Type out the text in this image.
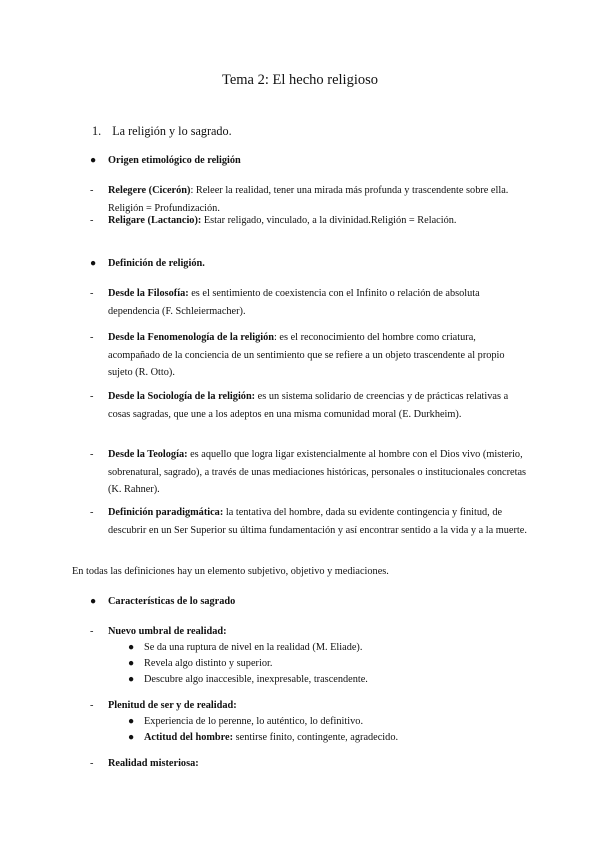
Tema 2: El hecho religioso
1. La religión y lo sagrado.
● Origen etimológico de religión
- Relegere (Cicerón): Releer la realidad, tener una mirada más profunda y trascendente sobre ella. Religión = Profundización.
- Religare (Lactancio): Estar religado, vinculado, a la divinidad.Religión = Relación.
● Definición de religión.
- Desde la Filosofía: es el sentimiento de coexistencia con el Infinito o relación de absoluta dependencia (F. Schleiermacher).
- Desde la Fenomenología de la religión: es el reconocimiento del hombre como criatura, acompañado de la conciencia de un sentimiento que se refiere a un objeto trascendente al propio sujeto (R. Otto).
- Desde la Sociología de la religión: es un sistema solidario de creencias y de prácticas relativas a cosas sagradas, que une a los adeptos en una misma comunidad moral (E. Durkheim).
- Desde la Teología: es aquello que logra ligar existencialmente al hombre con el Dios vivo (misterio, sobrenatural, sagrado), a través de unas mediaciones históricas, personales o institucionales concretas (K. Rahner).
- Definición paradigmática: la tentativa del hombre, dada su evidente contingencia y finitud, de descubrir en un Ser Superior su última fundamentación y así encontrar sentido a la vida y a la muerte.
En todas las definiciones hay un elemento subjetivo, objetivo y mediaciones.
● Características de lo sagrado
- Nuevo umbral de realidad:
● Se da una ruptura de nivel en la realidad (M. Eliade).
● Revela algo distinto y superior.
● Descubre algo inaccesible, inexpresable, trascendente.
- Plenitud de ser y de realidad:
● Experiencia de lo perenne, lo auténtico, lo definitivo.
● Actitud del hombre: sentirse finito, contingente, agradecido.
- Realidad misteriosa:
